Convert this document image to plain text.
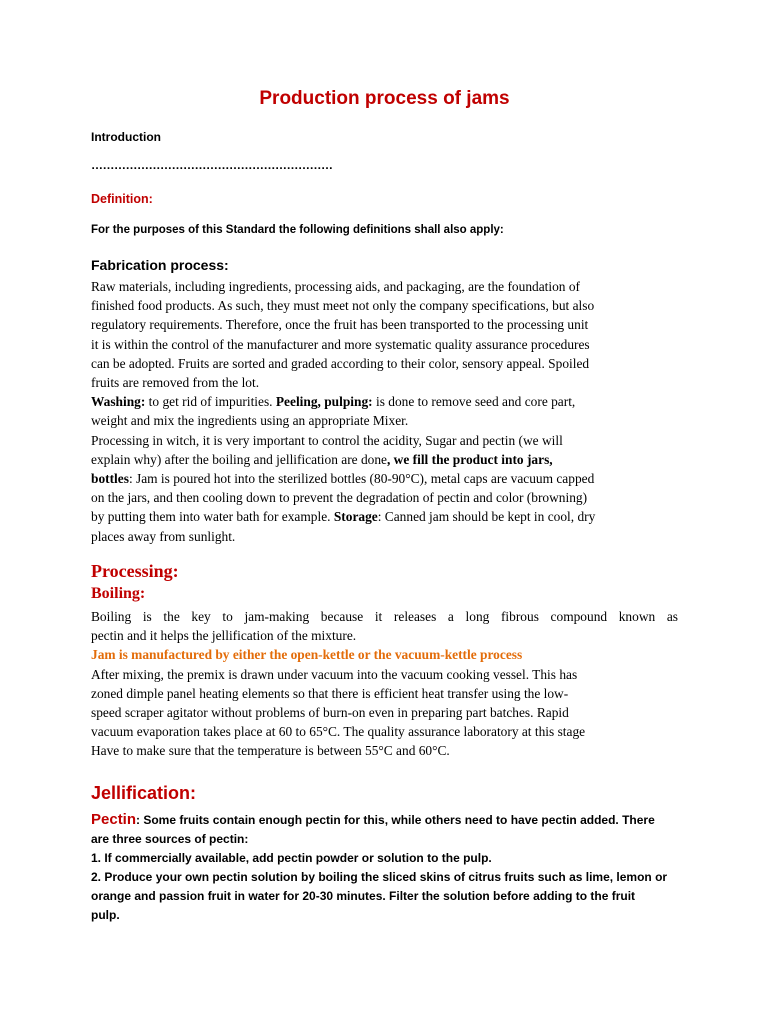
Production process of jams
Introduction
………………………………………………………
Definition:
For the purposes of this Standard the following definitions shall also apply:
Fabrication process:
Raw materials, including ingredients, processing aids, and packaging, are the foundation of
finished food products. As such, they must meet not only the company specifications, but also
regulatory requirements. Therefore, once the fruit has been transported to the processing unit
it is within the control of the manufacturer and more systematic quality assurance procedures
can be adopted. Fruits are sorted and graded according to their color, sensory appeal. Spoiled
fruits are removed from the lot.
Washing: to get rid of impurities. Peeling, pulping: is done to remove seed and core part,
weight and mix the ingredients using an appropriate Mixer.
Processing in witch, it is very important to control the acidity, Sugar and pectin (we will
explain why) after the boiling and jellification are done, we fill the product into jars,
bottles: Jam is poured hot into the sterilized bottles (80-90°C), metal caps are vacuum capped
on the jars, and then cooling down to prevent the degradation of pectin and color (browning)
by putting them into water bath for example. Storage: Canned jam should be kept in cool, dry
places away from sunlight.
Processing:
Boiling:
Boiling is the key to jam-making because it releases a long fibrous compound known as
pectin and it helps the jellification of the mixture.
Jam is manufactured by either the open-kettle or the vacuum-kettle process
After mixing, the premix is drawn under vacuum into the vacuum cooking vessel. This has
zoned dimple panel heating elements so that there is efficient heat transfer using the low-
speed scraper agitator without problems of burn-on even in preparing part batches. Rapid
vacuum evaporation takes place at 60 to 65°C. The quality assurance laboratory at this stage
Have to make sure that the temperature is between 55°C and 60°C.
Jellification:
Pectin: Some fruits contain enough pectin for this, while others need to have pectin added. There
are three sources of pectin:
1. If commercially available, add pectin powder or solution to the pulp.
2. Produce your own pectin solution by boiling the sliced skins of citrus fruits such as lime, lemon or
orange and passion fruit in water for 20-30 minutes. Filter the solution before adding to the fruit
pulp.
